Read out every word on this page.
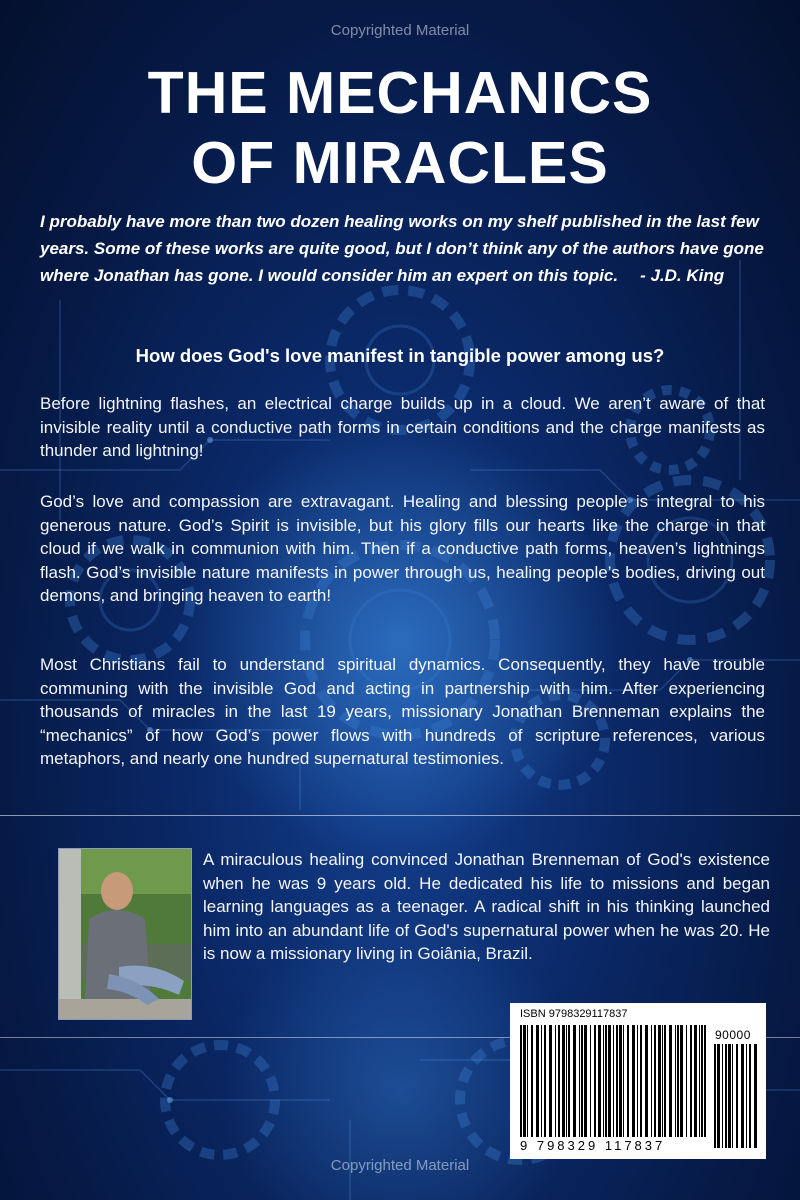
Copyrighted Material
THE MECHANICS
OF MIRACLES

I probably have more than two dozen healing works on my shelf published in the last few years. Some of these works are quite good, but I don’t think any of the authors have gone where Jonathan has gone. I would consider him an expert on this topic. - J.D. King

How does God's love manifest in tangible power among us?

Before lightning flashes, an electrical charge builds up in a cloud. We aren’t aware of that invisible reality until a conductive path forms in certain conditions and the charge manifests as thunder and lightning!

God’s love and compassion are extravagant. Healing and blessing people is integral to his generous nature. God’s Spirit is invisible, but his glory fills our hearts like the charge in that cloud if we walk in communion with him. Then if a conductive path forms, heaven’s lightnings flash. God’s invisible nature manifests in power through us, healing people’s bodies, driving out demons, and bringing heaven to earth!

Most Christians fail to understand spiritual dynamics. Consequently, they have trouble communing with the invisible God and acting in partnership with him. After experiencing thousands of miracles in the last 19 years, missionary Jonathan Brenneman explains the “mechanics” of how God’s power flows with hundreds of scripture references, various metaphors, and nearly one hundred supernatural testimonies.

A miraculous healing convinced Jonathan Brenneman of God's existence when he was 9 years old. He dedicated his life to missions and began learning languages as a teenager. A radical shift in his thinking launched him into an abundant life of God's supernatural power when he was 20. He is now a missionary living in Goiânia, Brazil.

ISBN 9798329117837
90000
9 798329 117837
Copyrighted Material
